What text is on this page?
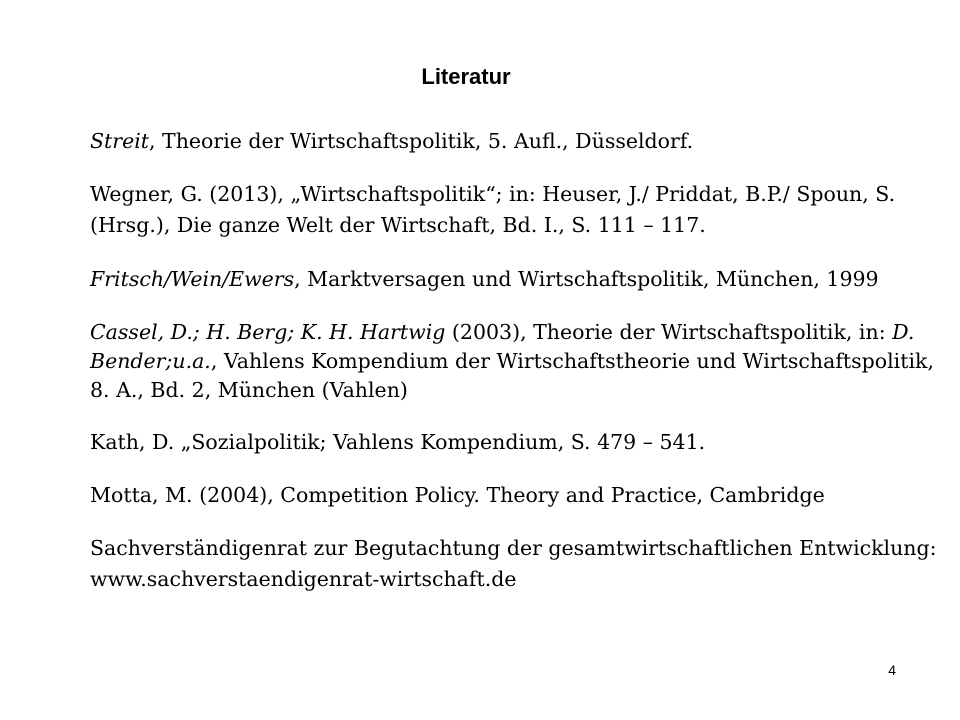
Literatur

Streit, Theorie der Wirtschaftspolitik, 5. Aufl., Düsseldorf.

Wegner, G. (2013), „Wirtschaftspolitik“; in: Heuser, J./ Priddat, B.P./ Spoun, S. (Hrsg.), Die ganze Welt der Wirtschaft, Bd. I., S. 111 – 117.

Fritsch/Wein/Ewers, Marktversagen und Wirtschaftspolitik, München, 1999

Cassel, D.; H. Berg; K. H. Hartwig (2003), Theorie der Wirtschaftspolitik, in: D. Bender;u.a., Vahlens Kompendium der Wirtschaftstheorie und Wirtschaftspolitik, 8. A., Bd. 2, München (Vahlen)

Kath, D. „Sozialpolitik; Vahlens Kompendium, S. 479 – 541.

Motta, M. (2004), Competition Policy. Theory and Practice, Cambridge

Sachverständigenrat zur Begutachtung der gesamtwirtschaftlichen Entwicklung: www.sachverstaendigenrat-wirtschaft.de

4
